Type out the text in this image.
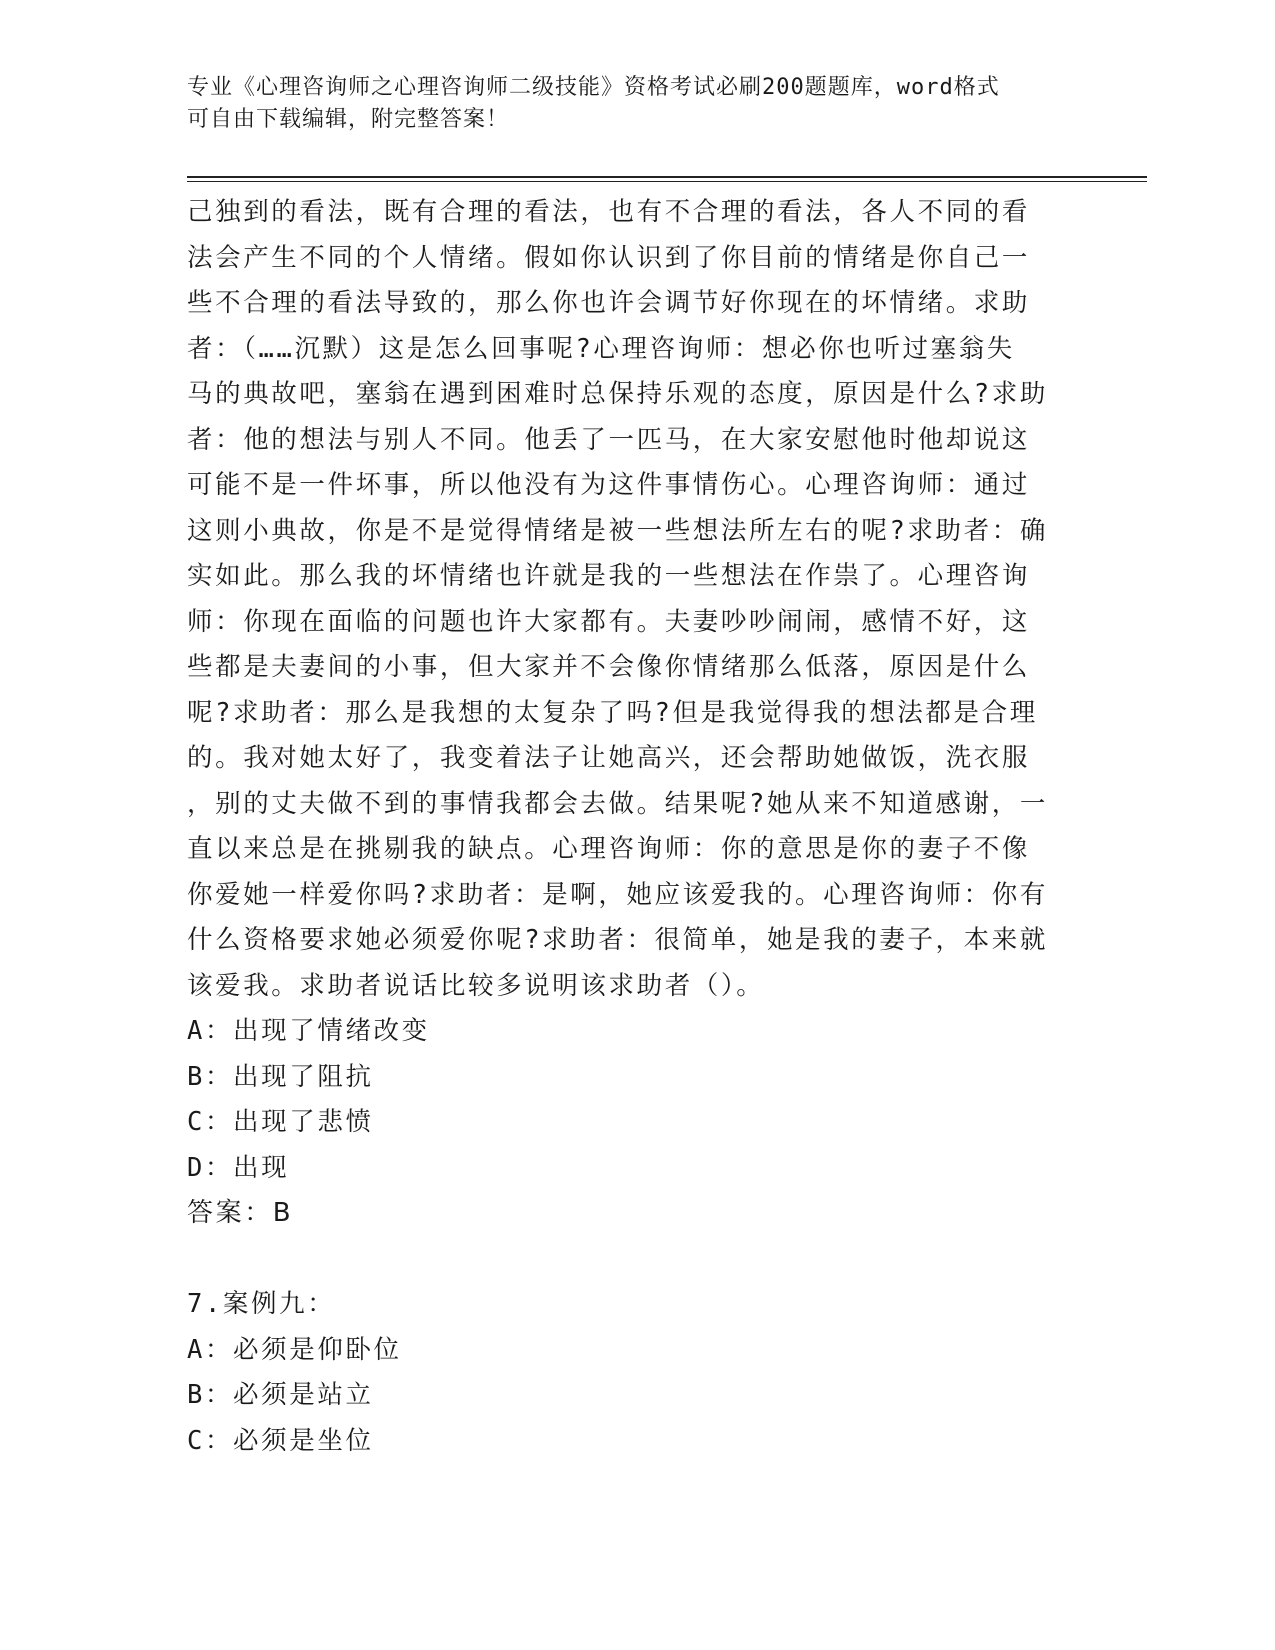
专业《心理咨询师之心理咨询师二级技能》资格考试必刷200题题库，word格式
可自由下载编辑，附完整答案！
己独到的看法，既有合理的看法，也有不合理的看法，各人不同的看
法会产生不同的个人情绪。假如你认识到了你目前的情绪是你自己一
些不合理的看法导致的，那么你也许会调节好你现在的坏情绪。求助
者：（……沉默）这是怎么回事呢?心理咨询师：想必你也听过塞翁失
马的典故吧，塞翁在遇到困难时总保持乐观的态度，原因是什么?求助
者：他的想法与别人不同。他丢了一匹马，在大家安慰他时他却说这
可能不是一件坏事，所以他没有为这件事情伤心。心理咨询师：通过
这则小典故，你是不是觉得情绪是被一些想法所左右的呢?求助者：确
实如此。那么我的坏情绪也许就是我的一些想法在作祟了。心理咨询
师：你现在面临的问题也许大家都有。夫妻吵吵闹闹，感情不好，这
些都是夫妻间的小事，但大家并不会像你情绪那么低落，原因是什么
呢?求助者：那么是我想的太复杂了吗?但是我觉得我的想法都是合理
的。我对她太好了，我变着法子让她高兴，还会帮助她做饭，洗衣服
，别的丈夫做不到的事情我都会去做。结果呢?她从来不知道感谢，一
直以来总是在挑剔我的缺点。心理咨询师：你的意思是你的妻子不像
你爱她一样爱你吗?求助者：是啊，她应该爱我的。心理咨询师：你有
什么资格要求她必须爱你呢?求助者：很简单，她是我的妻子，本来就
该爱我。求助者说话比较多说明该求助者（）。
A：出现了情绪改变
B：出现了阻抗
C：出现了悲愤
D：出现
答案：B
7.案例九：
A：必须是仰卧位
B：必须是站立
C：必须是坐位
